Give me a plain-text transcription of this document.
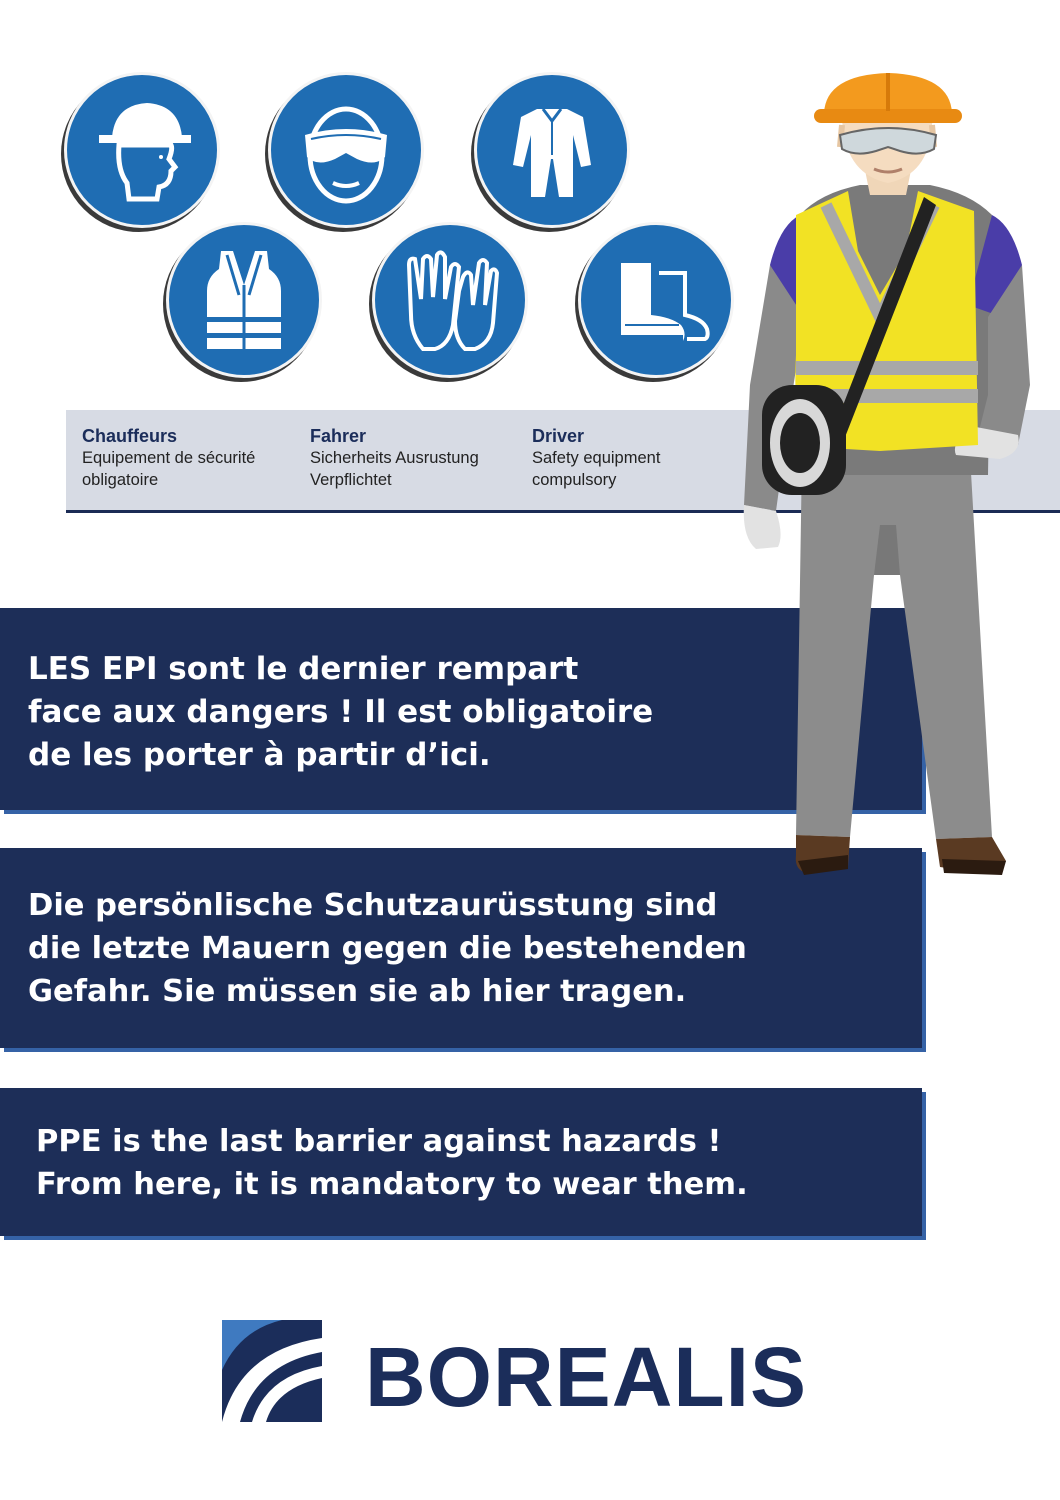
Chauffeurs
Equipement de sécurité
obligatoire
Fahrer
Sicherheits Ausrustung
Verpflichtet
Driver
Safety equipment
compulsory
LES EPI sont le dernier rempart
face aux dangers ! Il est obligatoire
de les porter à partir d’ici.
Die persönlische Schutzaurüsstung sind
die letzte Mauern gegen die bestehenden
Gefahr. Sie müssen sie ab hier tragen.
PPE is the last barrier against hazards !
From here, it is mandatory to wear them.
BOREALIS
